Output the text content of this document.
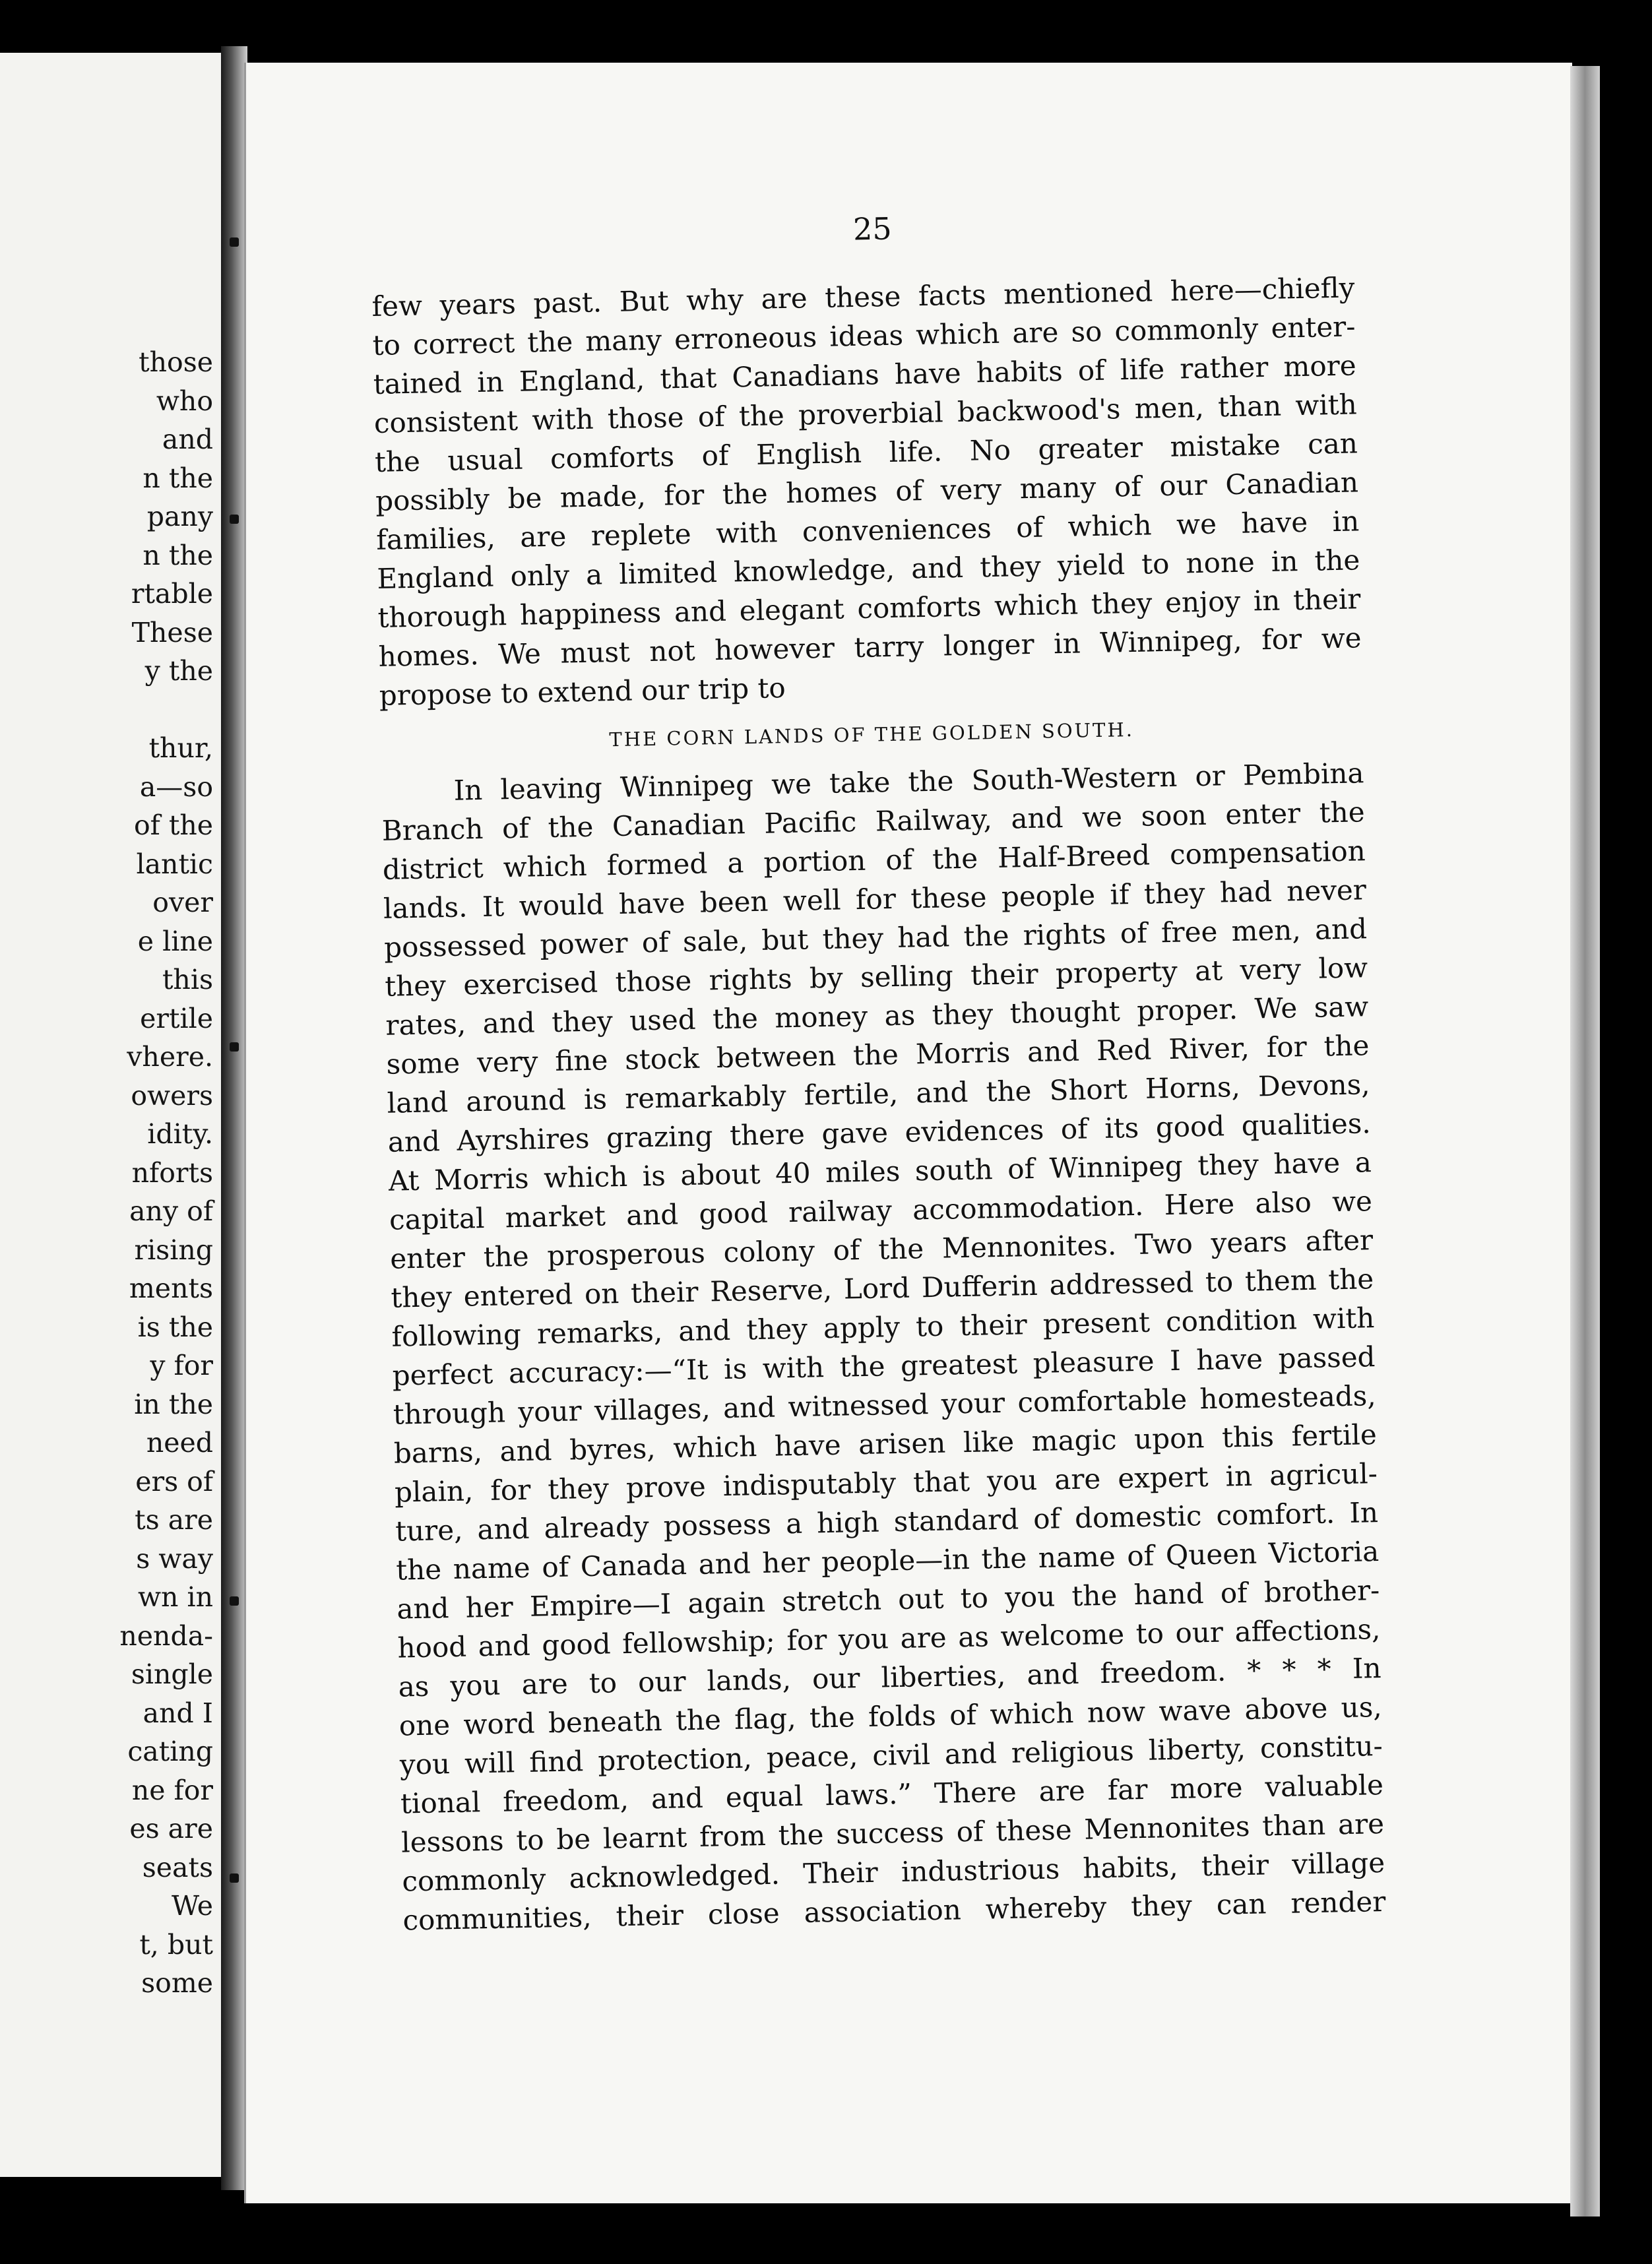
those
who
and
n the
pany
n the
rtable
These
y the
thur,
a—so
of the
lantic
over
e line
this
ertile
vhere.
owers
idity.
nforts
any of
rising
ments
is the
y for
in the
need
ers of
ts are
s way
wn in
nenda-
single
and I
cating
ne for
es are
seats
We
t, but
some
25
few years past. But why are these facts mentioned here—chiefly
to correct the many erroneous ideas which are so commonly enter-
tained in England, that Canadians have habits of life rather more
consistent with those of the proverbial backwood's men, than with
the usual comforts of English life. No greater mistake can
possibly be made, for the homes of very many of our Canadian
families, are replete with conveniences of which we have in
England only a limited knowledge, and they yield to none in the
thorough happiness and elegant comforts which they enjoy in their
homes. We must not however tarry longer in Winnipeg, for we
propose to extend our trip to
THE CORN LANDS OF THE GOLDEN SOUTH.
In leaving Winnipeg we take the South-Western or Pembina
Branch of the Canadian Pacific Railway, and we soon enter the
district which formed a portion of the Half-Breed compensation
lands. It would have been well for these people if they had never
possessed power of sale, but they had the rights of free men, and
they exercised those rights by selling their property at very low
rates, and they used the money as they thought proper. We saw
some very fine stock between the Morris and Red River, for the
land around is remarkably fertile, and the Short Horns, Devons,
and Ayrshires grazing there gave evidences of its good qualities.
At Morris which is about 40 miles south of Winnipeg they have a
capital market and good railway accommodation. Here also we
enter the prosperous colony of the Mennonites. Two years after
they entered on their Reserve, Lord Dufferin addressed to them the
following remarks, and they apply to their present condition with
perfect accuracy:—“It is with the greatest pleasure I have passed
through your villages, and witnessed your comfortable homesteads,
barns, and byres, which have arisen like magic upon this fertile
plain, for they prove indisputably that you are expert in agricul-
ture, and already possess a high standard of domestic comfort. In
the name of Canada and her people—in the name of Queen Victoria
and her Empire—I again stretch out to you the hand of brother-
hood and good fellowship; for you are as welcome to our affections,
as you are to our lands, our liberties, and freedom. * * * In
one word beneath the flag, the folds of which now wave above us,
you will find protection, peace, civil and religious liberty, constitu-
tional freedom, and equal laws.” There are far more valuable
lessons to be learnt from the success of these Mennonites than are
commonly acknowledged. Their industrious habits, their village
communities, their close association whereby they can render
